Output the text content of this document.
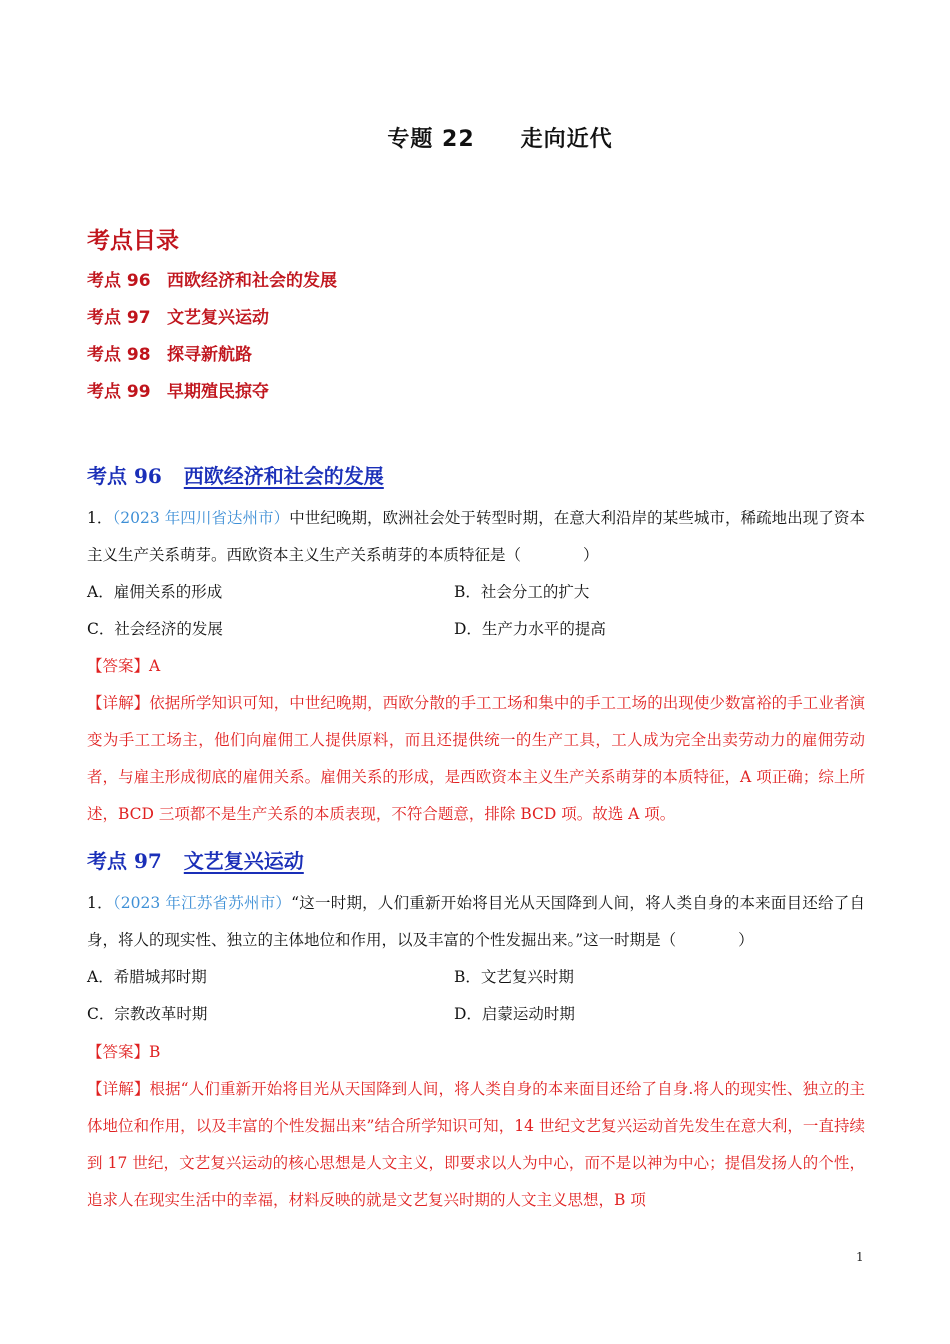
专题 22　　走向近代
考点目录
考点 96 西欧经济和社会的发展
考点 97 文艺复兴运动
考点 98 探寻新航路
考点 99 早期殖民掠夺
考点 96 西欧经济和社会的发展
1．（2023 年四川省达州市）中世纪晚期，欧洲社会处于转型时期，在意大利沿岸的某些城市，稀疏地出现了资本主义生产关系萌芽。西欧资本主义生产关系萌芽的本质特征是（　　　　）
A．雇佣关系的形成	B．社会分工的扩大
C．社会经济的发展	D．生产力水平的提高
【答案】A
【详解】依据所学知识可知，中世纪晚期，西欧分散的手工工场和集中的手工工场的出现使少数富裕的手工业者演变为手工工场主，他们向雇佣工人提供原料，而且还提供统一的生产工具，工人成为完全出卖劳动力的雇佣劳动者，与雇主形成彻底的雇佣关系。雇佣关系的形成，是西欧资本主义生产关系萌芽的本质特征，A 项正确；综上所述，BCD 三项都不是生产关系的本质表现，不符合题意，排除 BCD 项。故选 A 项。
考点 97 文艺复兴运动
1．（2023 年江苏省苏州市）“这一时期，人们重新开始将目光从天国降到人间，将人类自身的本来面目还给了自身，将人的现实性、独立的主体地位和作用，以及丰富的个性发掘出来。”这一时期是（　　　　）
A．希腊城邦时期	B．文艺复兴时期
C．宗教改革时期	D．启蒙运动时期
【答案】B
【详解】根据“人们重新开始将目光从天国降到人间，将人类自身的本来面目还给了自身.将人的现实性、独立的主体地位和作用，以及丰富的个性发掘出来”结合所学知识可知，14 世纪文艺复兴运动首先发生在意大利，一直持续到 17 世纪，文艺复兴运动的核心思想是人文主义，即要求以人为中心，而不是以神为中心；提倡发扬人的个性，追求人在现实生活中的幸福，材料反映的就是文艺复兴时期的人文主义思想，B 项
1
